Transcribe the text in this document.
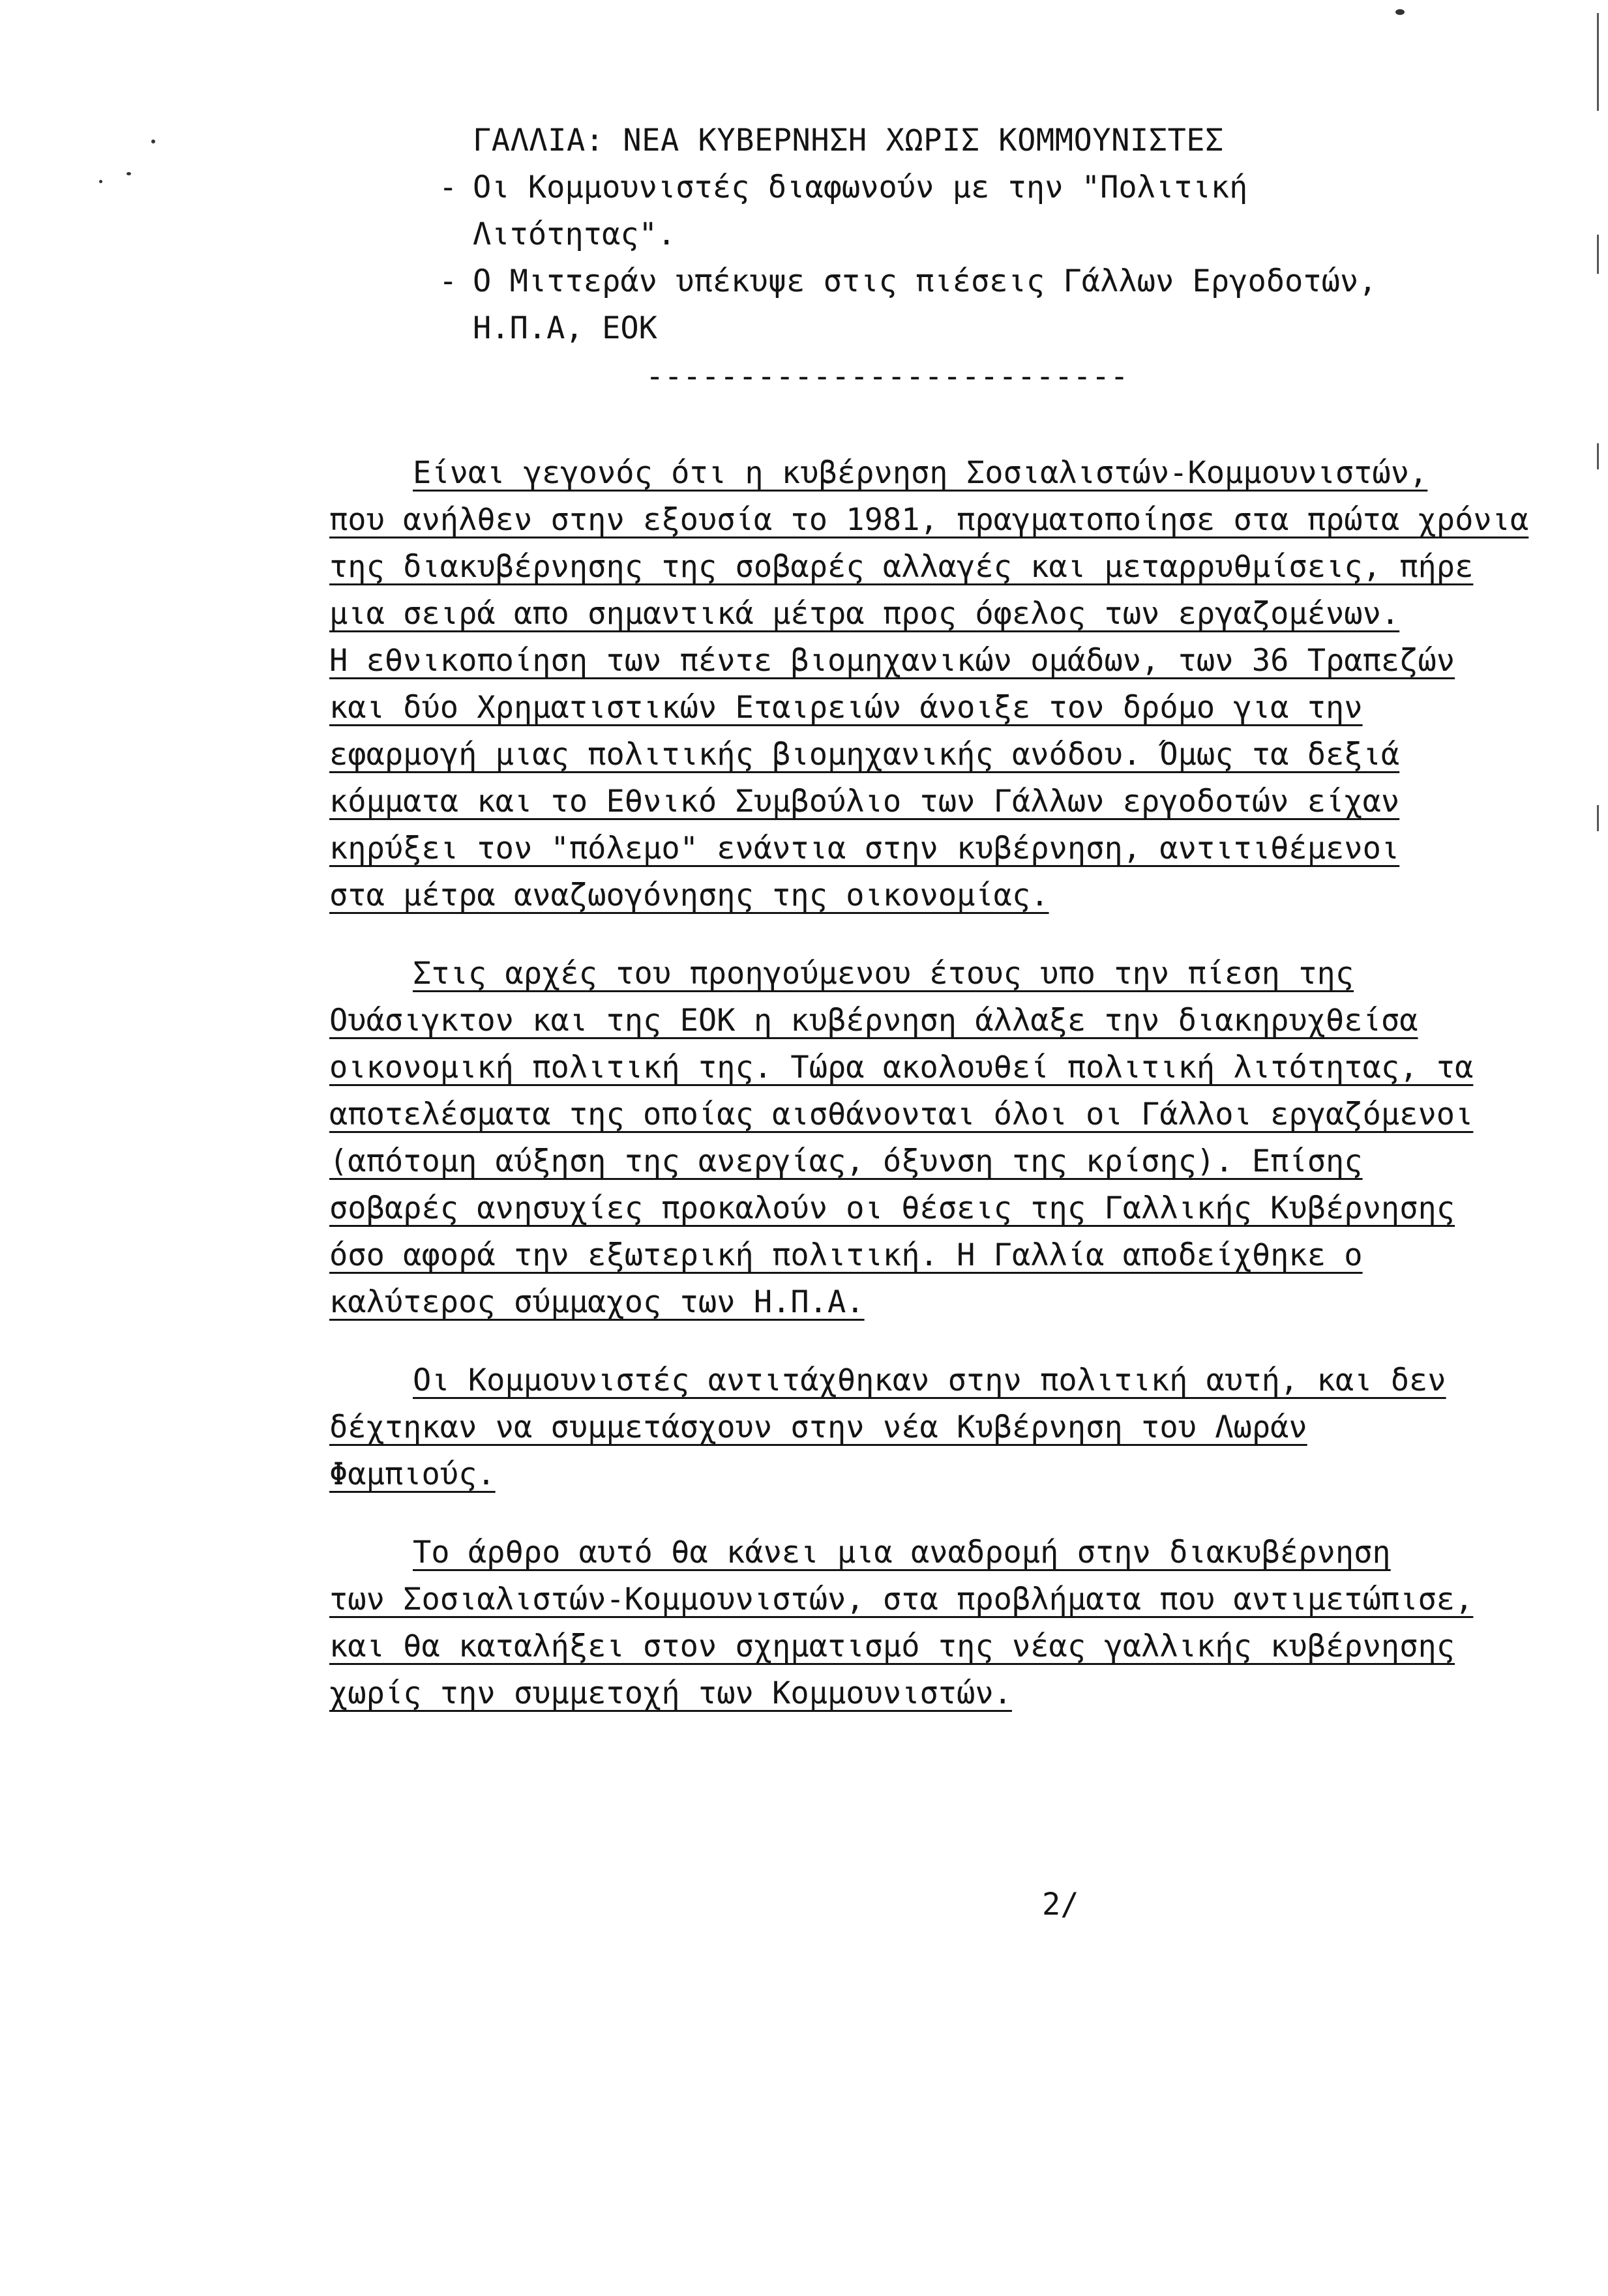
ΓΑΛΛΙΑ: ΝΕΑ ΚΥΒΕΡΝΗΣΗ ΧΩΡΙΣ ΚΟΜΜΟΥΝΙΣΤΕΣ
- Οι Κομμουνιστές διαφωνούν με την "Πολιτική
Λιτότητας".
- Ο Μιττεράν υπέκυψε στις πιέσεις Γάλλων Εργοδοτών,
Η.Π.Α, ΕΟΚ
--------------------------
Είναι γεγονός ότι η κυβέρνηση Σοσιαλιστών-Κομμουνιστών,
που ανήλθεν στην εξουσία το 1981, πραγματοποίησε στα πρώτα χρόνια
της διακυβέρνησης της σοβαρές αλλαγές και μεταρρυθμίσεις, πήρε
μια σειρά απο σημαντικά μέτρα προς όφελος των εργαζομένων.
Η εθνικοποίηση των πέντε βιομηχανικών ομάδων, των 36 Τραπεζών
και δύο Χρηματιστικών Εταιρειών άνοιξε τον δρόμο για την
εφαρμογή μιας πολιτικής βιομηχανικής ανόδου. Όμως τα δεξιά
κόμματα και το Εθνικό Συμβούλιο των Γάλλων εργοδοτών είχαν
κηρύξει τον "πόλεμο" ενάντια στην κυβέρνηση, αντιτιθέμενοι
στα μέτρα αναζωογόνησης της οικονομίας.
Στις αρχές του προηγούμενου έτους υπο την πίεση της
Ουάσιγκτον και της ΕΟΚ η κυβέρνηση άλλαξε την διακηρυχθείσα
οικονομική πολιτική της. Τώρα ακολουθεί πολιτική λιτότητας, τα
αποτελέσματα της οποίας αισθάνονται όλοι οι Γάλλοι εργαζόμενοι
(απότομη αύξηση της ανεργίας, όξυνση της κρίσης). Επίσης
σοβαρές ανησυχίες προκαλούν οι θέσεις της Γαλλικής Κυβέρνησης
όσο αφορά την εξωτερική πολιτική. Η Γαλλία αποδείχθηκε ο
καλύτερος σύμμαχος των Η.Π.Α.
Οι Κομμουνιστές αντιτάχθηκαν στην πολιτική αυτή, και δεν
δέχτηκαν να συμμετάσχουν στην νέα Κυβέρνηση του Λωράν
Φαμπιούς.
Το άρθρο αυτό θα κάνει μια αναδρομή στην διακυβέρνηση
των Σοσιαλιστών-Κομμουνιστών, στα προβλήματα που αντιμετώπισε,
και θα καταλήξει στον σχηματισμό της νέας γαλλικής κυβέρνησης
χωρίς την συμμετοχή των Κομμουνιστών.
2/
